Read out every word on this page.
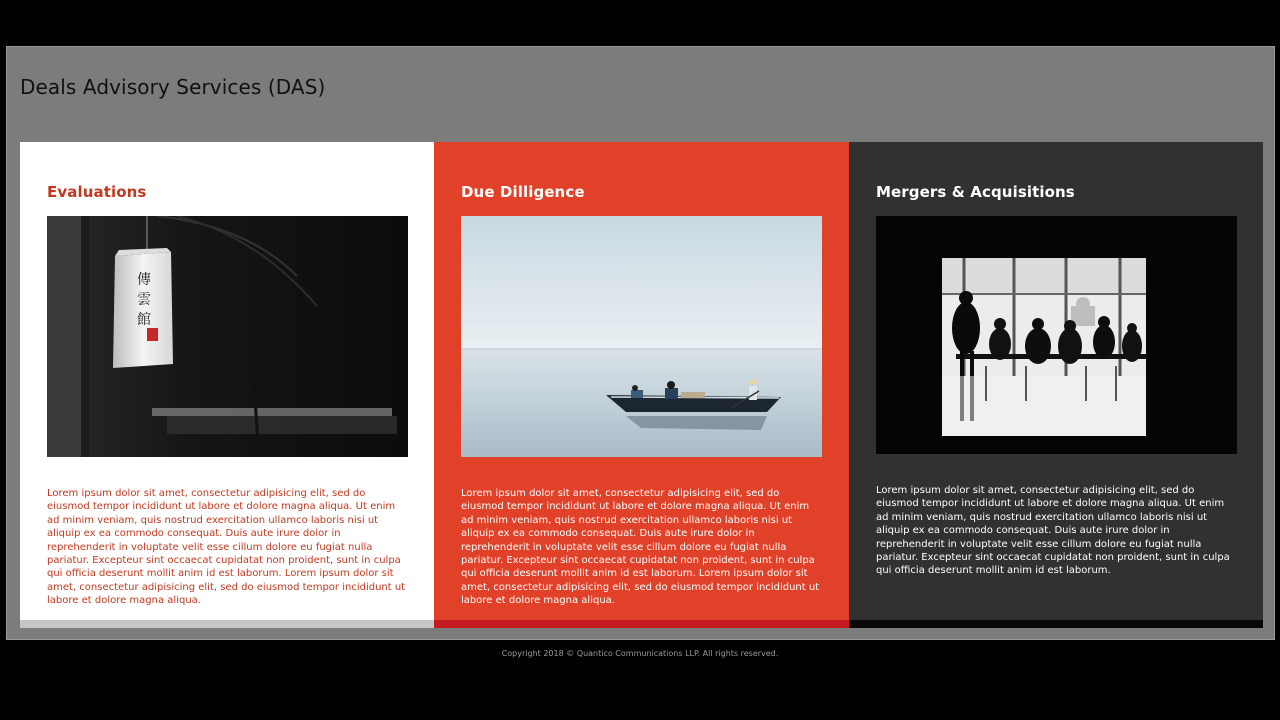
Deals Advisory Services (DAS)
Evaluations
傳
雲
館

Lorem ipsum dolor sit amet, consectetur adipisicing elit, sed do eiusmod tempor incididunt ut labore et dolore magna aliqua. Ut enim ad minim veniam, quis nostrud exercitation ullamco laboris nisi ut aliquip ex ea commodo consequat. Duis aute irure dolor in reprehenderit in voluptate velit esse cillum dolore eu fugiat nulla pariatur. Excepteur sint occaecat cupidatat non proident, sunt in culpa qui officia deserunt mollit anim id est laborum. Lorem ipsum dolor sit amet, consectetur adipisicing elit, sed do eiusmod tempor incididunt ut labore et dolore magna aliqua.

Due Dilligence

Lorem ipsum dolor sit amet, consectetur adipisicing elit, sed do eiusmod tempor incididunt ut labore et dolore magna aliqua. Ut enim ad minim veniam, quis nostrud exercitation ullamco laboris nisi ut aliquip ex ea commodo consequat. Duis aute irure dolor in reprehenderit in voluptate velit esse cillum dolore eu fugiat nulla pariatur. Excepteur sint occaecat cupidatat non proident, sunt in culpa qui officia deserunt mollit anim id est laborum. Lorem ipsum dolor sit amet, consectetur adipisicing elit, sed do eiusmod tempor incididunt ut labore et dolore magna aliqua.

Mergers & Acquisitions

Lorem ipsum dolor sit amet, consectetur adipisicing elit, sed do eiusmod tempor incididunt ut labore et dolore magna aliqua. Ut enim ad minim veniam, quis nostrud exercitation ullamco laboris nisi ut aliquip ex ea commodo consequat. Duis aute irure dolor in reprehenderit in voluptate velit esse cillum dolore eu fugiat nulla pariatur. Excepteur sint occaecat cupidatat non proident, sunt in culpa qui officia deserunt mollit anim id est laborum.

Copyright 2018 © Quantico Communications LLP. All rights reserved.
